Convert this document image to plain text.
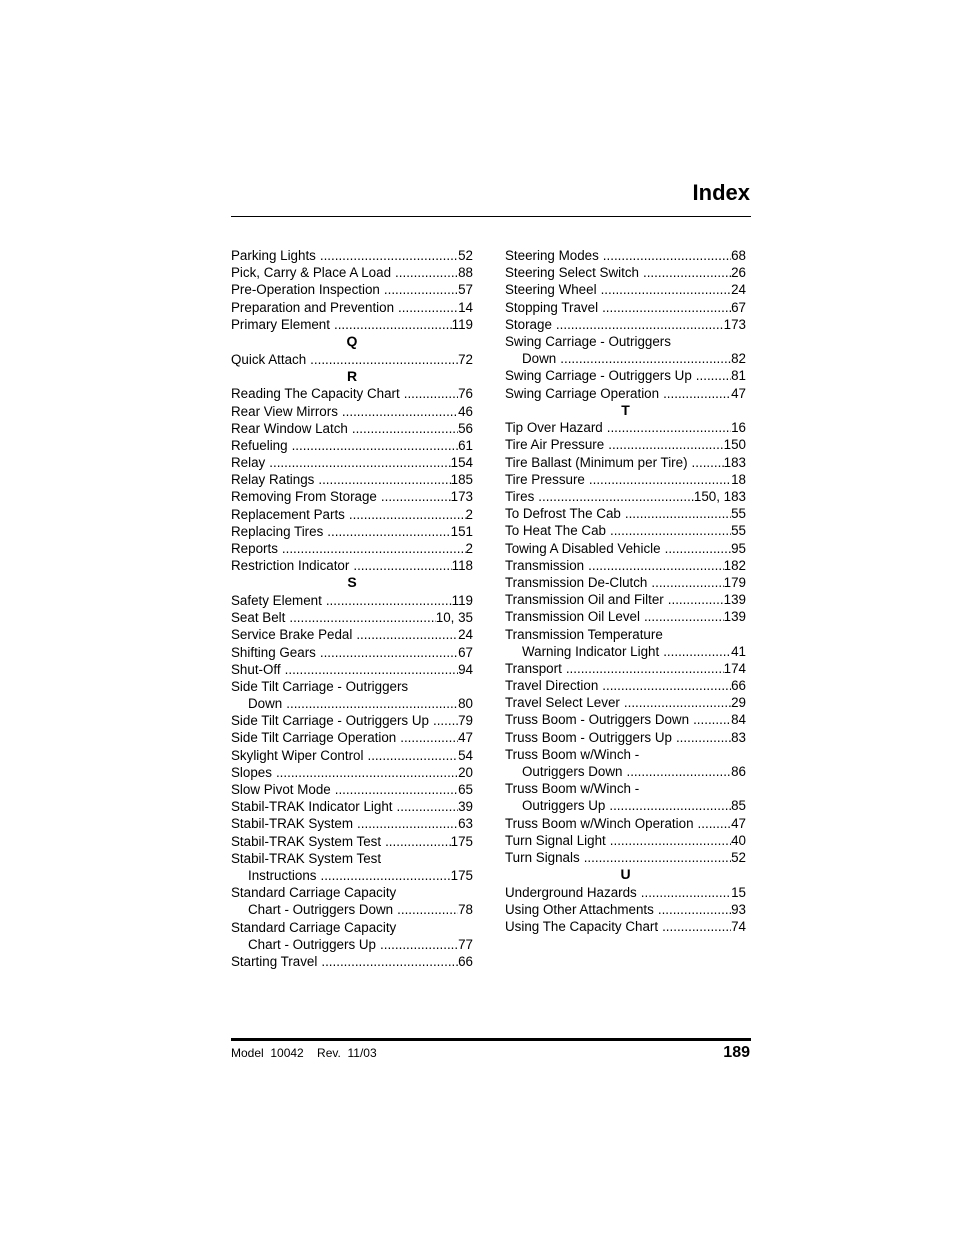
Index
Parking Lights .....	52
Pick, Carry & Place A Load .....	88
Pre-Operation Inspection .....	57
Preparation and Prevention .....	14
Primary Element .....	119
Q
Quick Attach .....	72
R
Reading The Capacity Chart .....	76
Rear View Mirrors .....	46
Rear Window Latch .....	56
Refueling .....	61
Relay .....	154
Relay Ratings .....	185
Removing From Storage .....	173
Replacement Parts .....	2
Replacing Tires .....	151
Reports .....	2
Restriction Indicator .....	118
S
Safety Element .....	119
Seat Belt .....	10, 35
Service Brake Pedal .....	24
Shifting Gears .....	67
Shut-Off .....	94
Side Tilt Carriage - Outriggers
Down .....	80
Side Tilt Carriage - Outriggers Up ..... 79
Side Tilt Carriage Operation .....	47
Skylight Wiper Control .....	54
Slopes .....	20
Slow Pivot Mode .....	65
Stabil-TRAK Indicator Light .....	39
Stabil-TRAK System .....	63
Stabil-TRAK System Test .....	175
Stabil-TRAK System Test
Instructions .....	175
Standard Carriage Capacity
Chart - Outriggers Down .....	78
Standard Carriage Capacity
Chart - Outriggers Up .....	77
Starting Travel .....	66
Steering Modes .....	68
Steering Select Switch .....	26
Steering Wheel .....	24
Stopping Travel .....	67
Storage .....	173
Swing Carriage - Outriggers
Down .....	82
Swing Carriage - Outriggers Up .....	81
Swing Carriage Operation .....	47
T
Tip Over Hazard .....	16
Tire Air Pressure .....	150
Tire Ballast (Minimum per Tire) .....	183
Tire Pressure .....	18
Tires .....	150, 183
To Defrost The Cab .....	55
To Heat The Cab .....	55
Towing A Disabled Vehicle .....	95
Transmission .....	182
Transmission De-Clutch .....	179
Transmission Oil and Filter .....	139
Transmission Oil Level .....	139
Transmission Temperature
Warning Indicator Light .....	41
Transport .....	174
Travel Direction .....	66
Travel Select Lever .....	29
Truss Boom - Outriggers Down .....	84
Truss Boom - Outriggers Up .....	83
Truss Boom w/Winch -
Outriggers Down .....	86
Truss Boom w/Winch -
Outriggers Up .....	85
Truss Boom w/Winch Operation .....	47
Turn Signal Light .....	40
Turn Signals .....	52
U
Underground Hazards .....	15
Using Other Attachments .....	93
Using The Capacity Chart .....	74
Model  10042    Rev.  11/03	189
